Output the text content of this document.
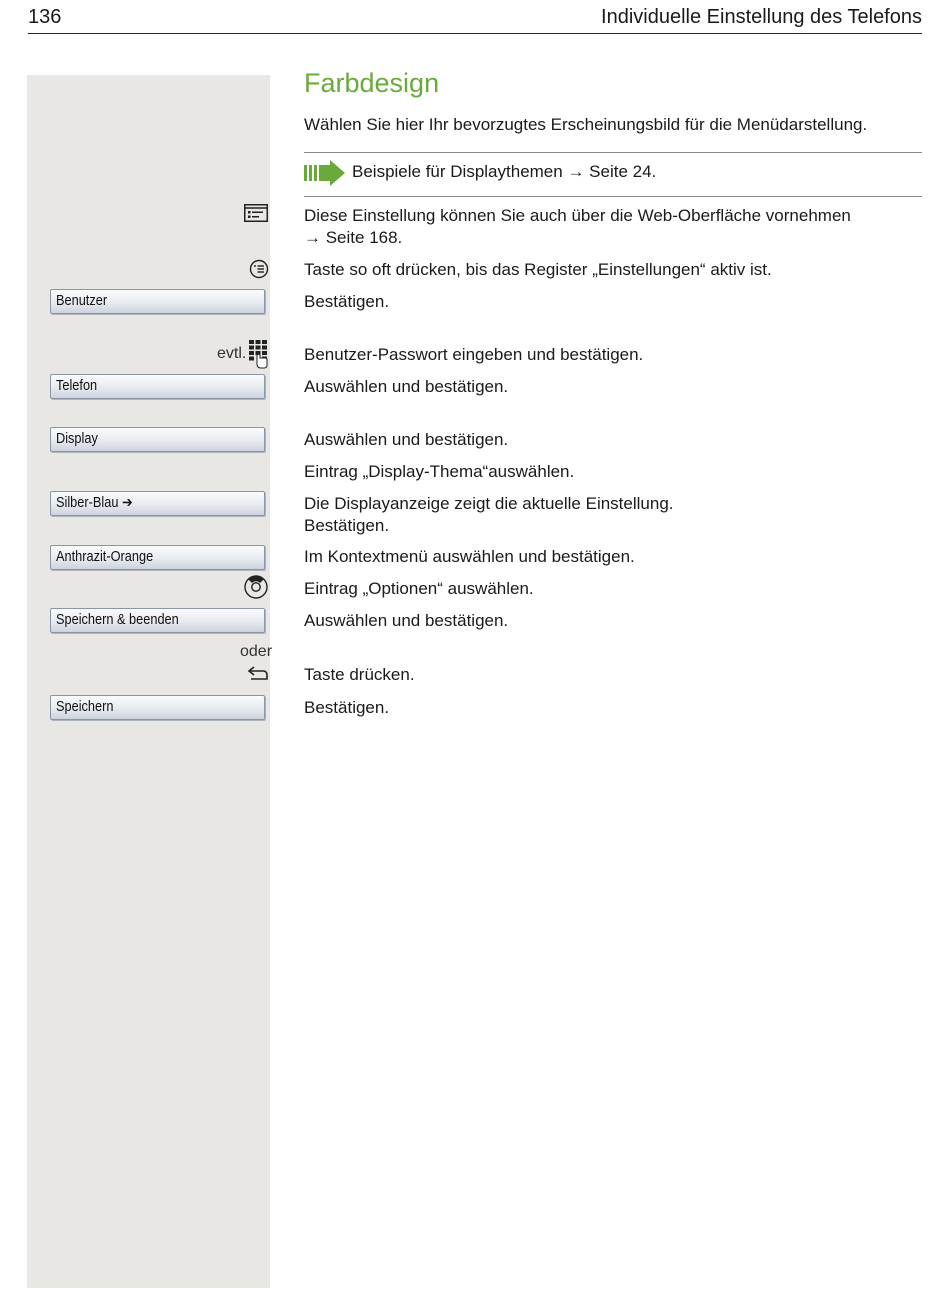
136	Individuelle Einstellung des Telefons
Farbdesign
Wählen Sie hier Ihr bevorzugtes Erscheinungsbild für die Menüdarstellung.
Beispiele für Displaythemen → Seite 24.
Diese Einstellung können Sie auch über die Web-Oberfläche vornehmen
→ Seite 168.
Taste so oft drücken, bis das Register „Einstellungen“ aktiv ist.
Bestätigen.
Benutzer-Passwort eingeben und bestätigen.
Auswählen und bestätigen.
Auswählen und bestätigen.
Eintrag „Display-Thema“auswählen.
Die Displayanzeige zeigt die aktuelle Einstellung.
Bestätigen.
Im Kontextmenü auswählen und bestätigen.
Eintrag „Optionen“ auswählen.
Auswählen und bestätigen.
Taste drücken.
Bestätigen.
evtl.
oder
Benutzer
Telefon
Display
Silber-Blau ➔
Anthrazit-Orange
Speichern & beenden
Speichern
